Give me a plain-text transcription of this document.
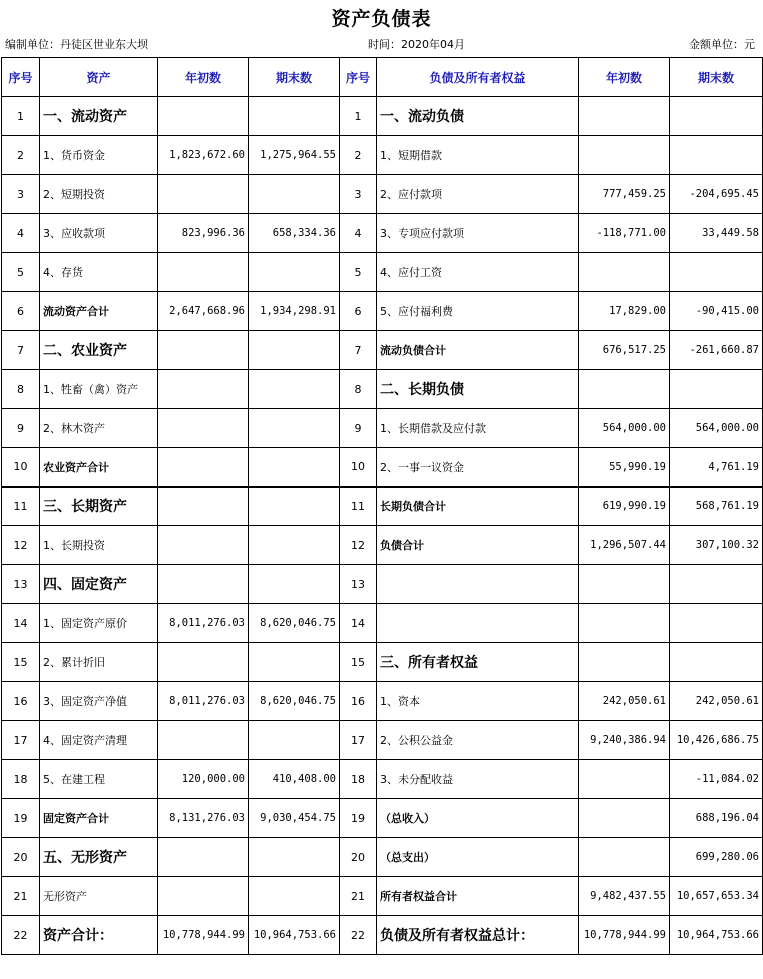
资产负债表
编制单位：丹徒区世业东大坝	时间：2020年04月	金额单位：元
序号	资产	年初数	期末数	序号	负债及所有者权益	年初数	期末数
1	一、流动资产			1	一、流动负债		
2	1、货币资金	1,823,672.60	1,275,964.55	2	1、短期借款		
3	2、短期投资			3	2、应付款项	777,459.25	-204,695.45
4	3、应收款项	823,996.36	658,334.36	4	3、专项应付款项	-118,771.00	33,449.58
5	4、存货			5	4、应付工资		
6	流动资产合计	2,647,668.96	1,934,298.91	6	5、应付福利费	17,829.00	-90,415.00
7	二、农业资产			7	流动负债合计	676,517.25	-261,660.87
8	1、牲畜（禽）资产			8	二、长期负债		
9	2、林木资产			9	1、长期借款及应付款	564,000.00	564,000.00
10	农业资产合计			10	2、一事一议资金	55,990.19	4,761.19
11	三、长期资产			11	长期负债合计	619,990.19	568,761.19
12	1、长期投资			12	负债合计	1,296,507.44	307,100.32
13	四、固定资产			13			
14	1、固定资产原价	8,011,276.03	8,620,046.75	14			
15	2、累计折旧			15	三、所有者权益		
16	3、固定资产净值	8,011,276.03	8,620,046.75	16	1、资本	242,050.61	242,050.61
17	4、固定资产清理			17	2、公积公益金	9,240,386.94	10,426,686.75
18	5、在建工程	120,000.00	410,408.00	18	3、未分配收益		-11,084.02
19	固定资产合计	8,131,276.03	9,030,454.75	19	（总收入）		688,196.04
20	五、无形资产			20	（总支出）		699,280.06
21	无形资产			21	所有者权益合计	9,482,437.55	10,657,653.34
22	资产合计：	10,778,944.99	10,964,753.66	22	负债及所有者权益总计：	10,778,944.99	10,964,753.66
